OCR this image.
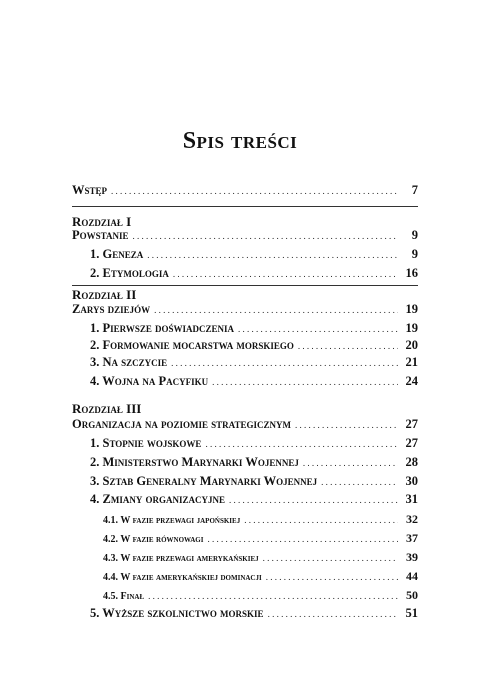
Spis treści
Wstęp . . .	7
Rozdział I
Powstanie . . .	9
1. Geneza . . .	9
2. Etymologia . . .	16
Rozdział II
Zarys dziejów . . .	19
1. Pierwsze doświadczenia . . .	19
2. Formowanie mocarstwa morskiego . . .	20
3. Na szczycie . . .	21
4. Wojna na Pacyfiku . . .	24
Rozdział III
Organizacja na poziomie strategicznym . . .	27
1. Stopnie wojskowe . . .	27
2. Ministerstwo Marynarki Wojennej . . .	28
3. Sztab Generalny Marynarki Wojennej . . .	30
4. Zmiany organizacyjne . . .	31
4.1. W fazie przewagi japońskiej . . .	32
4.2. W fazie równowagi . . .	37
4.3. W fazie przewagi amerykańskiej . . .	39
4.4. W fazie amerykańskiej dominacji . . .	44
4.5. Finał . . .	50
5. Wyższe szkolnictwo morskie . . .	51
